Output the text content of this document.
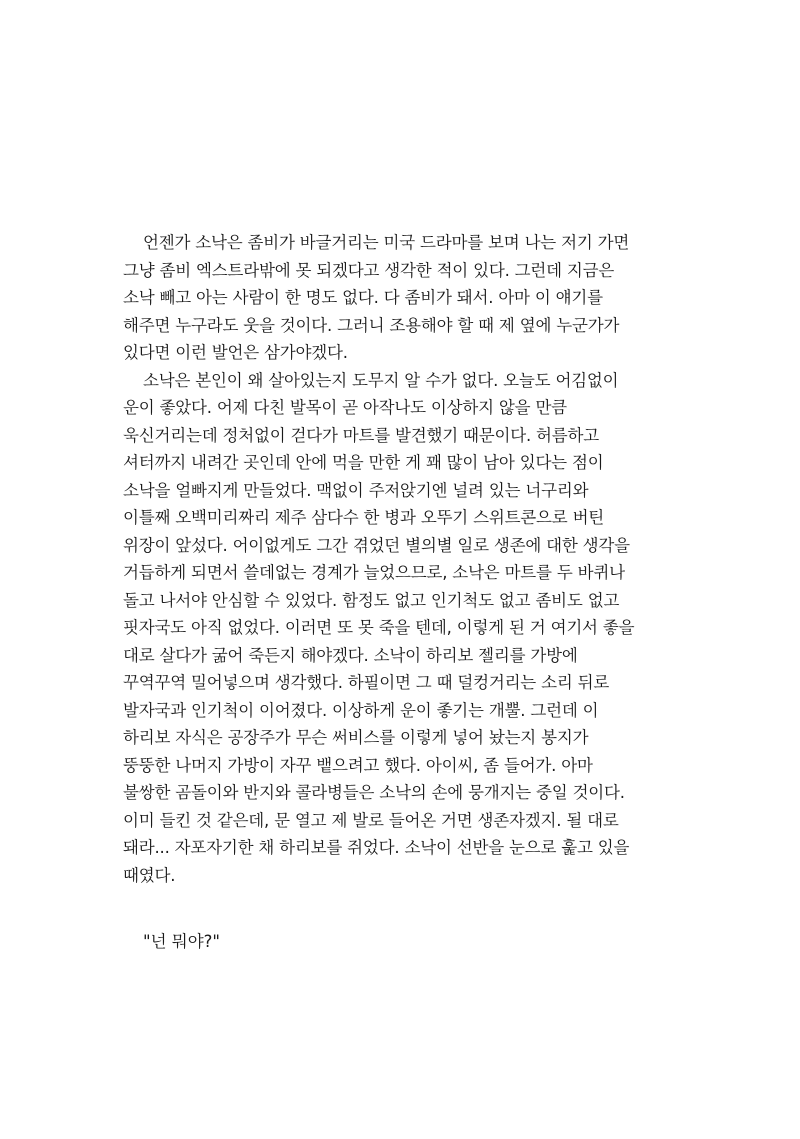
언젠가 소낙은 좀비가 바글거리는 미국 드라마를 보며 나는 저기 가면
그냥 좀비 엑스트라밖에 못 되겠다고 생각한 적이 있다. 그런데 지금은
소낙 빼고 아는 사람이 한 명도 없다. 다 좀비가 돼서. 아마 이 얘기를
해주면 누구라도 웃을 것이다. 그러니 조용해야 할 때 제 옆에 누군가가
있다면 이런 발언은 삼가야겠다.
소낙은 본인이 왜 살아있는지 도무지 알 수가 없다. 오늘도 어김없이
운이 좋았다. 어제 다친 발목이 곧 아작나도 이상하지 않을 만큼
욱신거리는데 정처없이 걷다가 마트를 발견했기 때문이다. 허름하고
셔터까지 내려간 곳인데 안에 먹을 만한 게 꽤 많이 남아 있다는 점이
소낙을 얼빠지게 만들었다. 맥없이 주저앉기엔 널려 있는 너구리와
이틀째 오백미리짜리 제주 삼다수 한 병과 오뚜기 스위트콘으로 버틴
위장이 앞섰다. 어이없게도 그간 겪었던 별의별 일로 생존에 대한 생각을
거듭하게 되면서 쓸데없는 경계가 늘었으므로, 소낙은 마트를 두 바퀴나
돌고 나서야 안심할 수 있었다. 함정도 없고 인기척도 없고 좀비도 없고
핏자국도 아직 없었다. 이러면 또 못 죽을 텐데, 이렇게 된 거 여기서 좋을
대로 살다가 굶어 죽든지 해야겠다. 소낙이 하리보 젤리를 가방에
꾸역꾸역 밀어넣으며 생각했다. 하필이면 그 때 덜컹거리는 소리 뒤로
발자국과 인기척이 이어졌다. 이상하게 운이 좋기는 개뿔. 그런데 이
하리보 자식은 공장주가 무슨 써비스를 이렇게 넣어 놨는지 봉지가
뚱뚱한 나머지 가방이 자꾸 뱉으려고 했다. 아이씨, 좀 들어가. 아마
불쌍한 곰돌이와 반지와 콜라병들은 소낙의 손에 뭉개지는 중일 것이다.
이미 들킨 것 같은데, 문 열고 제 발로 들어온 거면 생존자겠지. 될 대로
돼라... 자포자기한 채 하리보를 쥐었다. 소낙이 선반을 눈으로 훑고 있을
때였다.
"넌 뭐야?"
